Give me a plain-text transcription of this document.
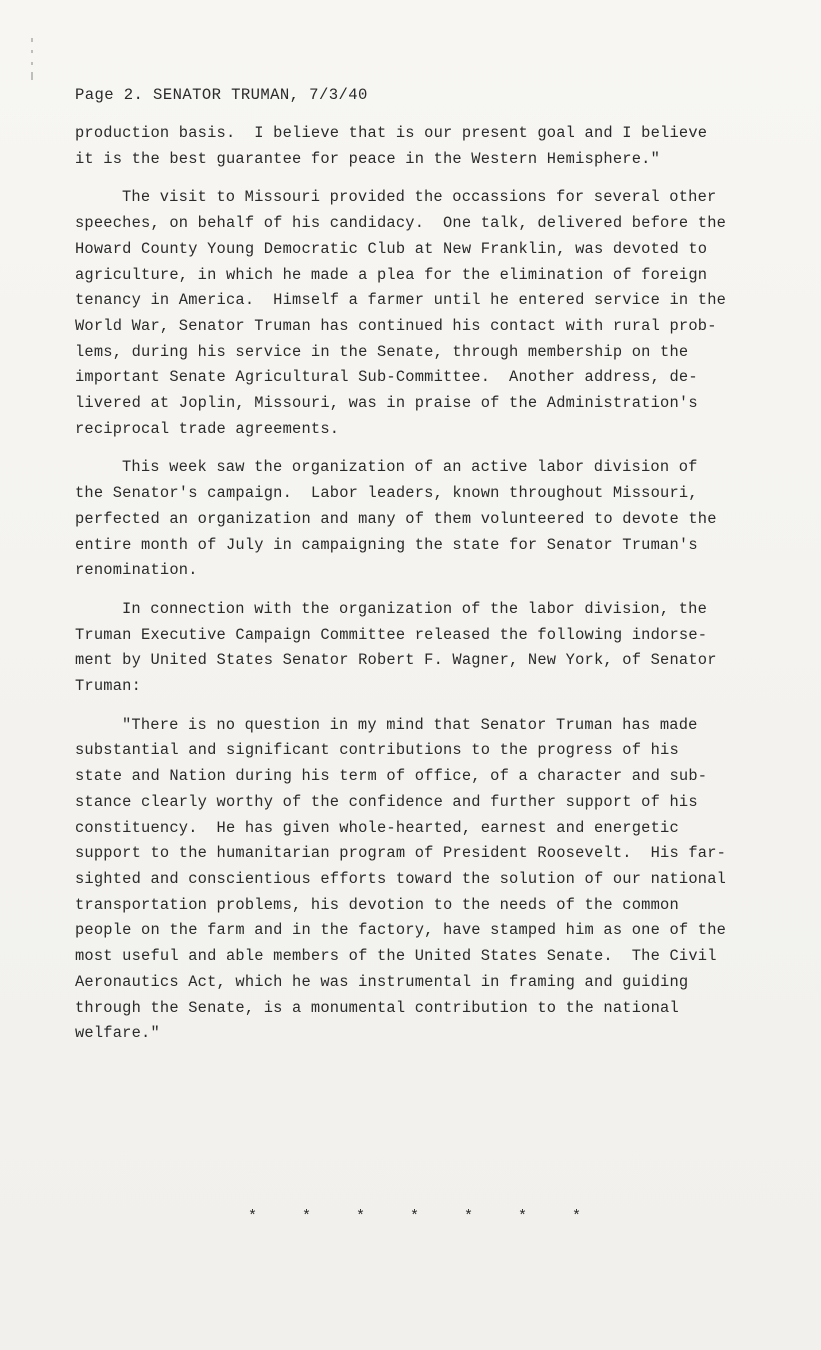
Page 2. SENATOR TRUMAN, 7/3/40
production basis.  I believe that is our present goal and I believe
it is the best guarantee for peace in the Western Hemisphere."
The visit to Missouri provided the occassions for several other
speeches, on behalf of his candidacy.  One talk, delivered before the
Howard County Young Democratic Club at New Franklin, was devoted to
agriculture, in which he made a plea for the elimination of foreign
tenancy in America.  Himself a farmer until he entered service in the
World War, Senator Truman has continued his contact with rural prob-
lems, during his service in the Senate, through membership on the
important Senate Agricultural Sub-Committee.  Another address, de-
livered at Joplin, Missouri, was in praise of the Administration's
reciprocal trade agreements.
This week saw the organization of an active labor division of
the Senator's campaign.  Labor leaders, known throughout Missouri,
perfected an organization and many of them volunteered to devote the
entire month of July in campaigning the state for Senator Truman's
renomination.
In connection with the organization of the labor division, the
Truman Executive Campaign Committee released the following indorse-
ment by United States Senator Robert F. Wagner, New York, of Senator
Truman:
"There is no question in my mind that Senator Truman has made
substantial and significant contributions to the progress of his
state and Nation during his term of office, of a character and sub-
stance clearly worthy of the confidence and further support of his
constituency.  He has given whole-hearted, earnest and energetic
support to the humanitarian program of President Roosevelt.  His far-
sighted and conscientious efforts toward the solution of our national
transportation problems, his devotion to the needs of the common
people on the farm and in the factory, have stamped him as one of the
most useful and able members of the United States Senate.  The Civil
Aeronautics Act, which he was instrumental in framing and guiding
through the Senate, is a monumental contribution to the national
welfare."
*     *     *     *     *     *     *
